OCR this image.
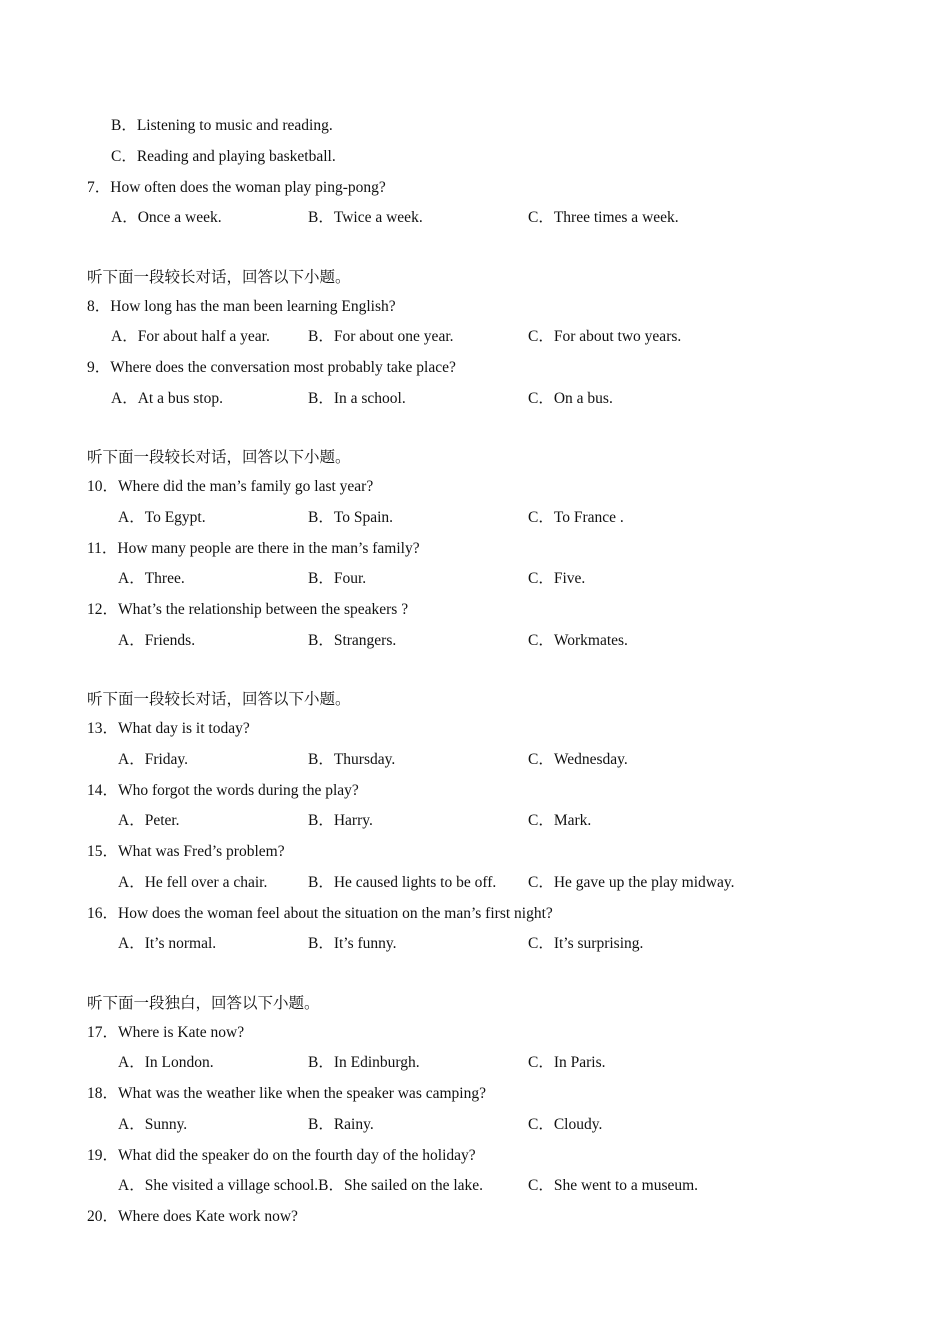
B．Listening to music and reading.
C．Reading and playing basketball.
7．How often does the woman play ping-pong?
A．Once a week.	B．Twice a week.	C．Three times a week.
听下面一段较长对话，回答以下小题。
8．How long has the man been learning English?
A．For about half a year. B．For about one year.	C．For about two years.
9．Where does the conversation most probably take place?
A．At a bus stop.	B．In a school.	C．On a bus.
听下面一段较长对话，回答以下小题。
10．Where did the man’s family go last year?
A．To Egypt.	B．To Spain.	C．To France .
11．How many people are there in the man’s family?
A．Three.	B．Four.	C．Five.
12．What’s the relationship between the speakers ?
A．Friends.	B．Strangers.	C．Workmates.
听下面一段较长对话，回答以下小题。
13．What day is it today?
A．Friday.	B．Thursday.	C．Wednesday.
14．Who forgot the words during the play?
A．Peter.	B．Harry.	C．Mark.
15．What was Fred’s problem?
A．He fell over a chair.	B．He caused lights to be off. C．He gave up the play midway.
16．How does the woman feel about the situation on the man’s first night?
A．It’s normal.	B．It’s funny.	C．It’s surprising.
听下面一段独白，回答以下小题。
17．Where is Kate now?
A．In London.	B．In Edinburgh.	C．In Paris.
18．What was the weather like when the speaker was camping?
A．Sunny.	B．Rainy.	C．Cloudy.
19．What did the speaker do on the fourth day of the holiday?
A．She visited a village school.B．She sailed on the lake.	C．She went to a museum.
20．Where does Kate work now?
